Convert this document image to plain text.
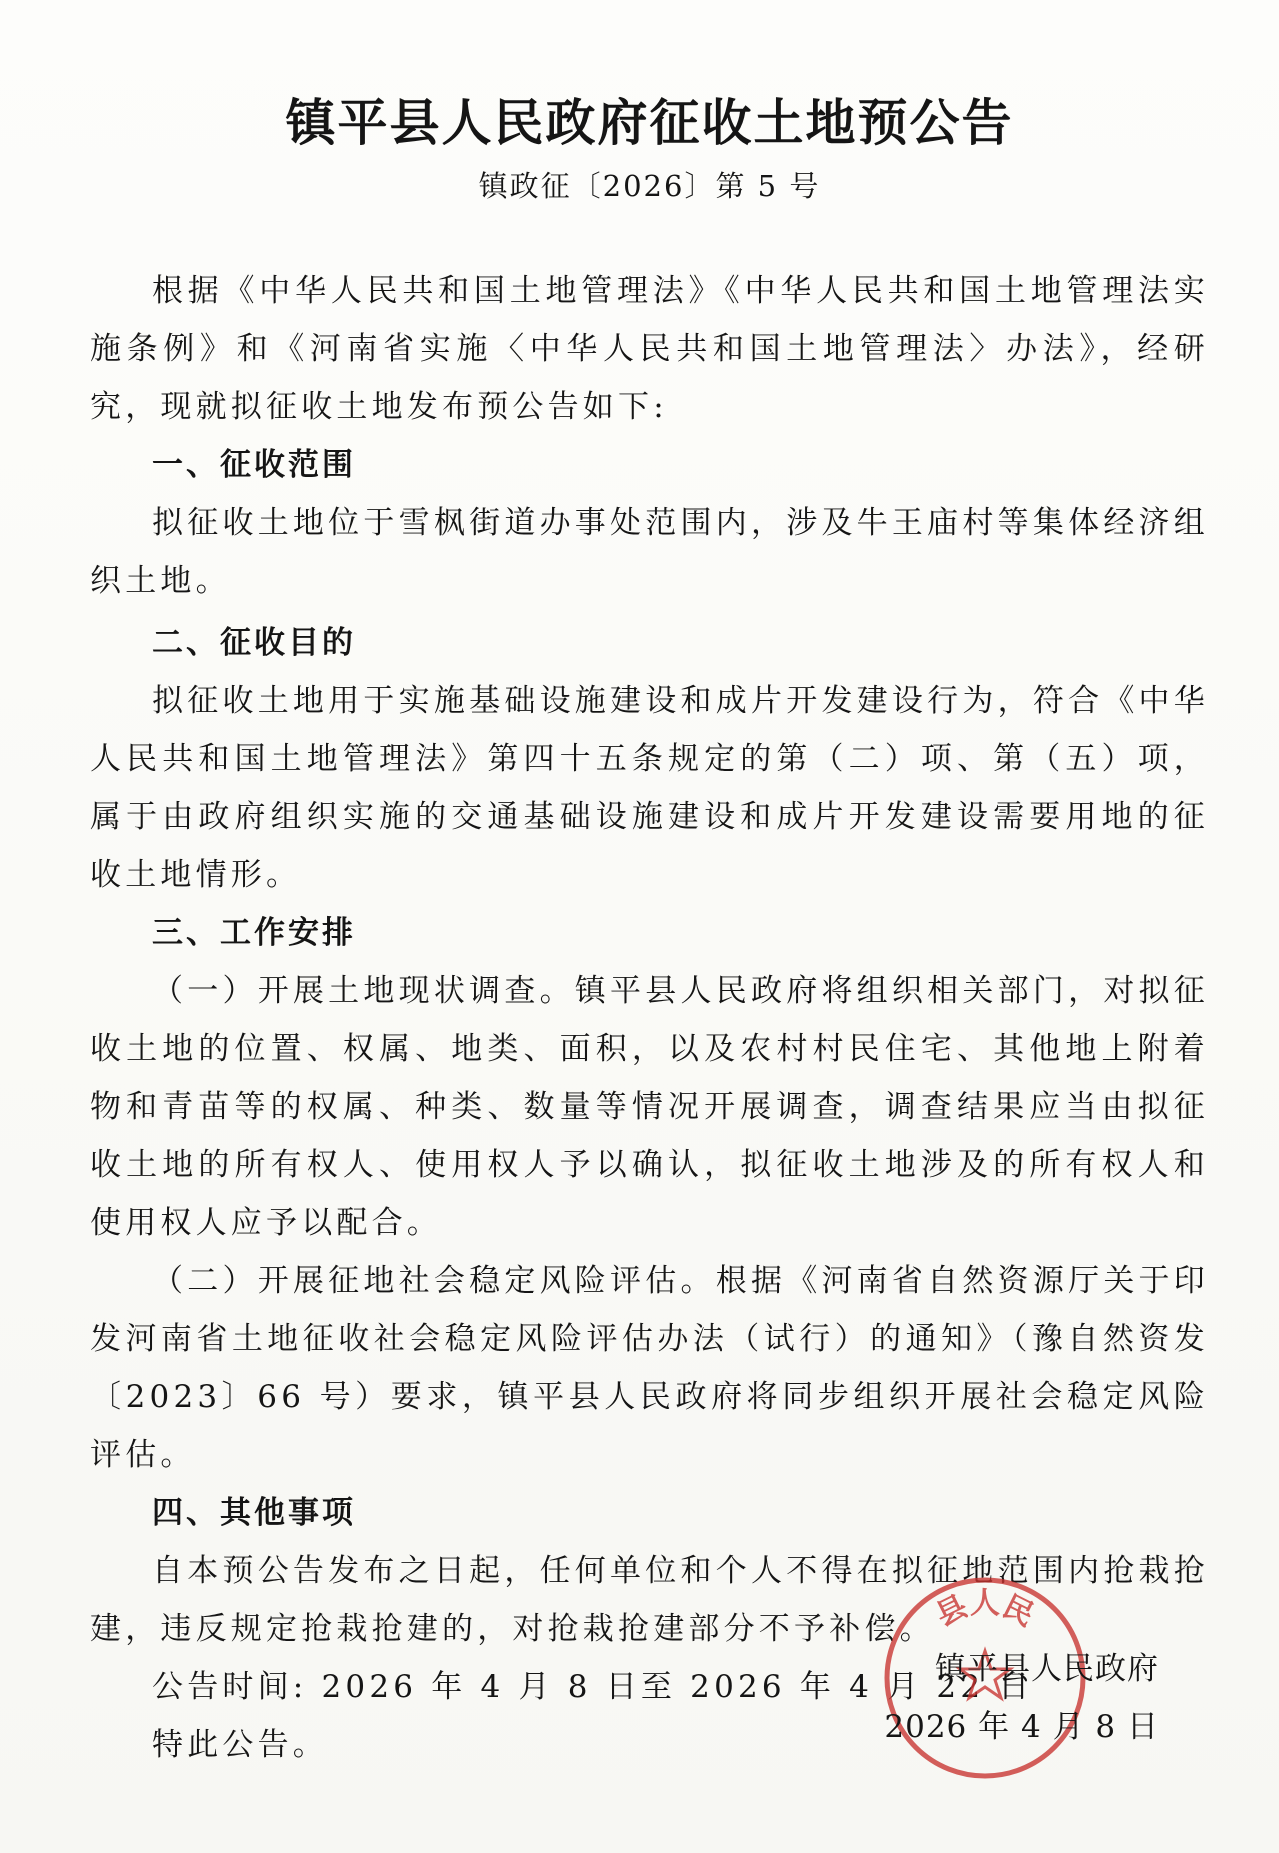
镇平县人民政府征收土地预公告

镇政征〔2026〕第 5 号

根据《中华人民共和国土地管理法》《中华人民共和国土地管理法实施条例》和《河南省实施〈中华人民共和国土地管理法〉办法》，经研究，现就拟征收土地发布预公告如下:

一、征收范围

拟征收土地位于雪枫街道办事处范围内，涉及牛王庙村等集体经济组织土地。

二、征收目的

拟征收土地用于实施基础设施建设和成片开发建设行为，符合《中华人民共和国土地管理法》第四十五条规定的第（二）项、第（五）项，属于由政府组织实施的交通基础设施建设和成片开发建设需要用地的征收土地情形。

三、工作安排

（一）开展土地现状调查。镇平县人民政府将组织相关部门，对拟征收土地的位置、权属、地类、面积，以及农村村民住宅、其他地上附着物和青苗等的权属、种类、数量等情况开展调查，调查结果应当由拟征收土地的所有权人、使用权人予以确认，拟征收土地涉及的所有权人和使用权人应予以配合。

（二）开展征地社会稳定风险评估。根据《河南省自然资源厅关于印发河南省土地征收社会稳定风险评估办法（试行）的通知》（豫自然资发〔2023〕66 号）要求，镇平县人民政府将同步组织开展社会稳定风险评估。

四、其他事项

自本预公告发布之日起，任何单位和个人不得在拟征地范围内抢栽抢建，违反规定抢栽抢建的，对抢栽抢建部分不予补偿。

公告时间: 2026 年 4 月 8 日至 2026 年 4 月 22 日

特此公告。

县人民
镇平县人民政府
2026 年 4 月 8 日
